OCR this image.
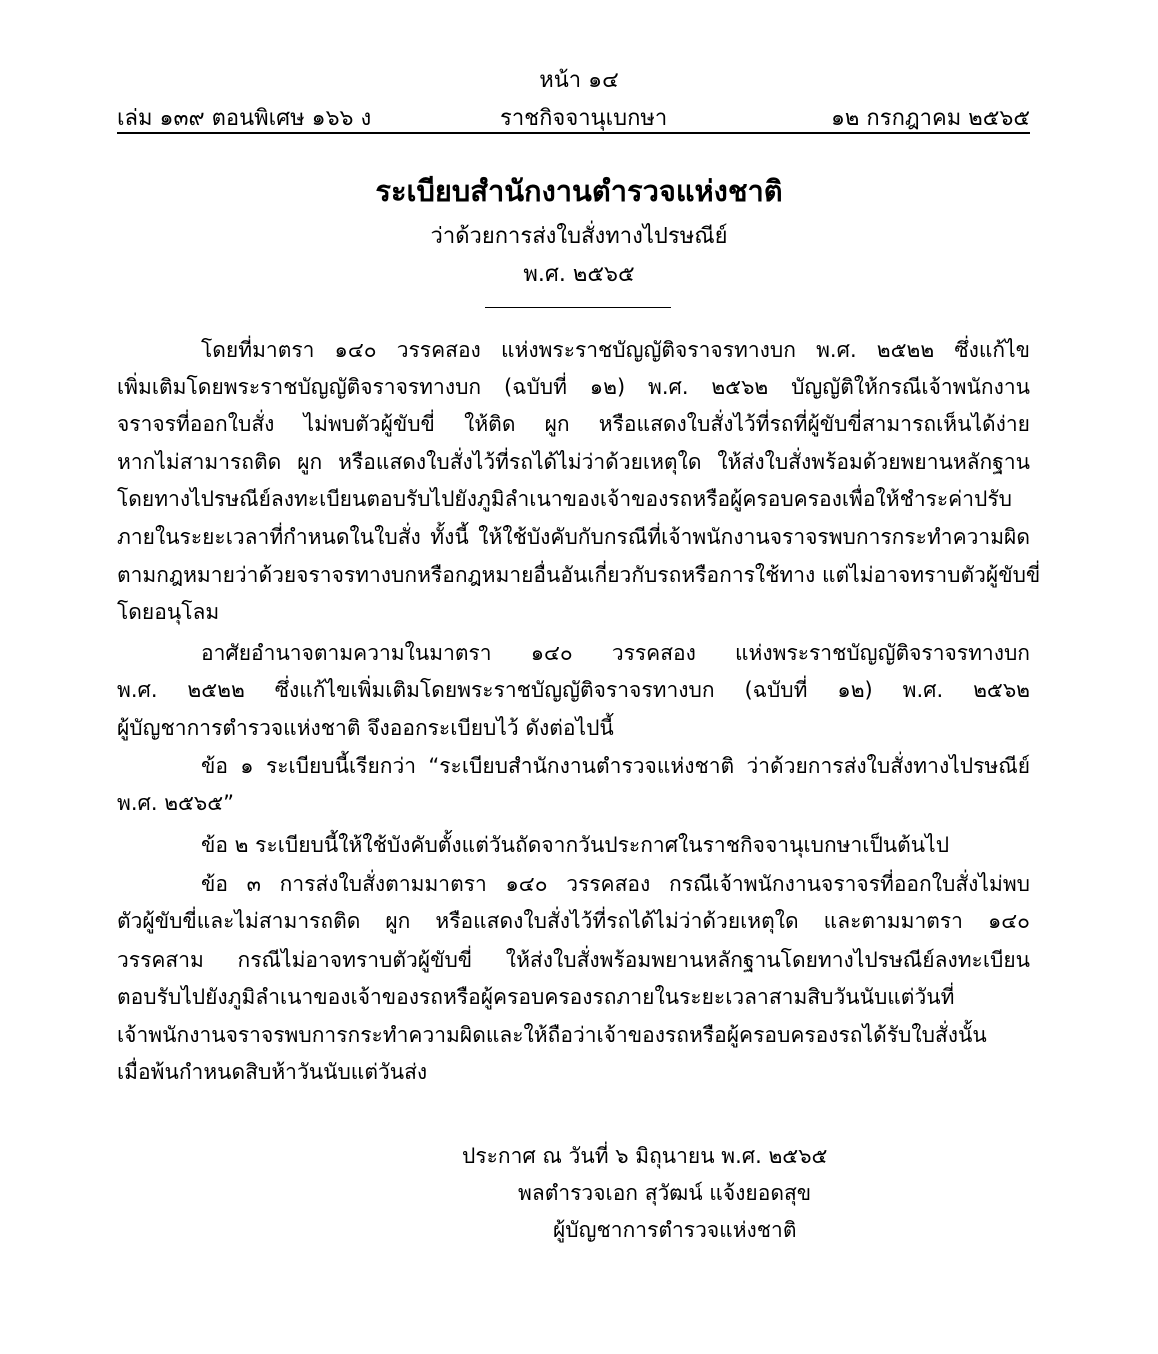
หน้า ๑๔
เล่ม ๑๓๙ ตอนพิเศษ ๑๖๖ ง	ราชกิจจานุเบกษา	๑๒ กรกฎาคม ๒๕๖๕
ระเบียบสำนักงานตำรวจแห่งชาติ
ว่าด้วยการส่งใบสั่งทางไปรษณีย์
พ.ศ. ๒๕๖๕
โดยที่มาตรา ๑๔๐ วรรคสอง แห่งพระราชบัญญัติจราจรทางบก พ.ศ. ๒๕๒๒ ซึ่งแก้ไข
เพิ่มเติมโดยพระราชบัญญัติจราจรทางบก (ฉบับที่ ๑๒) พ.ศ. ๒๕๖๒ บัญญัติให้กรณีเจ้าพนักงาน
จราจรที่ออกใบสั่ง ไม่พบตัวผู้ขับขี่ ให้ติด ผูก หรือแสดงใบสั่งไว้ที่รถที่ผู้ขับขี่สามารถเห็นได้ง่าย
หากไม่สามารถติด ผูก หรือแสดงใบสั่งไว้ที่รถได้ไม่ว่าด้วยเหตุใด ให้ส่งใบสั่งพร้อมด้วยพยานหลักฐาน
โดยทางไปรษณีย์ลงทะเบียนตอบรับไปยังภูมิลำเนาของเจ้าของรถหรือผู้ครอบครองเพื่อให้ชำระค่าปรับ
ภายในระยะเวลาที่กำหนดในใบสั่ง ทั้งนี้ ให้ใช้บังคับกับกรณีที่เจ้าพนักงานจราจรพบการกระทำความผิด
ตามกฎหมายว่าด้วยจราจรทางบกหรือกฎหมายอื่นอันเกี่ยวกับรถหรือการใช้ทาง แต่ไม่อาจทราบตัวผู้ขับขี่
โดยอนุโลม
อาศัยอำนาจตามความในมาตรา ๑๔๐ วรรคสอง แห่งพระราชบัญญัติจราจรทางบก
พ.ศ. ๒๕๒๒ ซึ่งแก้ไขเพิ่มเติมโดยพระราชบัญญัติจราจรทางบก (ฉบับที่ ๑๒) พ.ศ. ๒๕๖๒
ผู้บัญชาการตำรวจแห่งชาติ จึงออกระเบียบไว้ ดังต่อไปนี้
ข้อ ๑ ระเบียบนี้เรียกว่า “ระเบียบสำนักงานตำรวจแห่งชาติ ว่าด้วยการส่งใบสั่งทางไปรษณีย์
พ.ศ. ๒๕๖๕”
ข้อ ๒ ระเบียบนี้ให้ใช้บังคับตั้งแต่วันถัดจากวันประกาศในราชกิจจานุเบกษาเป็นต้นไป
ข้อ ๓ การส่งใบสั่งตามมาตรา ๑๔๐ วรรคสอง กรณีเจ้าพนักงานจราจรที่ออกใบสั่งไม่พบ
ตัวผู้ขับขี่และไม่สามารถติด ผูก หรือแสดงใบสั่งไว้ที่รถได้ไม่ว่าด้วยเหตุใด และตามมาตรา ๑๔๐
วรรคสาม กรณีไม่อาจทราบตัวผู้ขับขี่ ให้ส่งใบสั่งพร้อมพยานหลักฐานโดยทางไปรษณีย์ลงทะเบียน
ตอบรับไปยังภูมิลำเนาของเจ้าของรถหรือผู้ครอบครองรถภายในระยะเวลาสามสิบวันนับแต่วันที่
เจ้าพนักงานจราจรพบการกระทำความผิดและให้ถือว่าเจ้าของรถหรือผู้ครอบครองรถได้รับใบสั่งนั้น
เมื่อพ้นกำหนดสิบห้าวันนับแต่วันส่ง
ประกาศ ณ วันที่ ๖ มิถุนายน พ.ศ. ๒๕๖๕
พลตำรวจเอก สุวัฒน์ แจ้งยอดสุข
ผู้บัญชาการตำรวจแห่งชาติ
